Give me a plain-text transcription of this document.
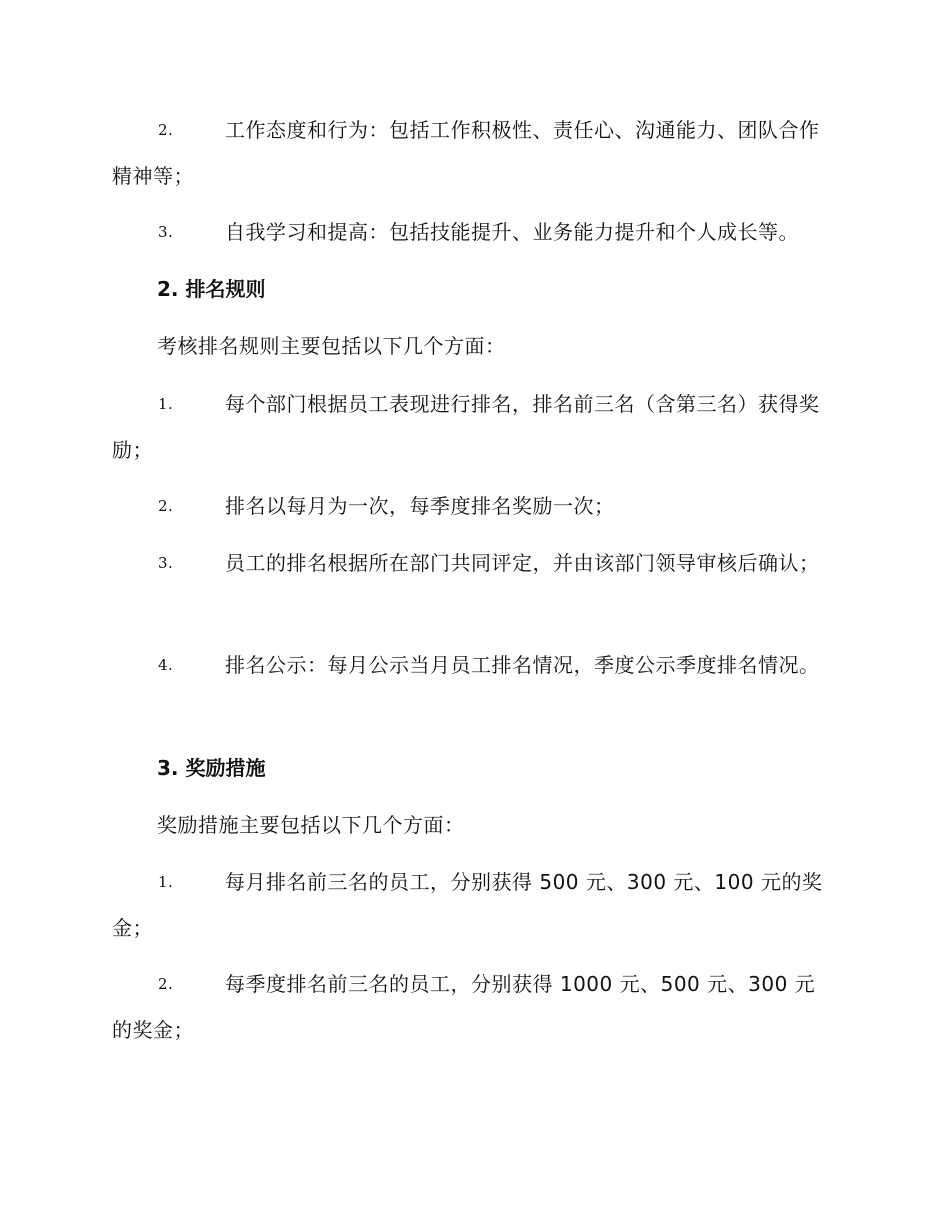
2.	工作态度和行为：包括工作积极性、责任心、沟通能力、团队合作精神等；
3.	自我学习和提高：包括技能提升、业务能力提升和个人成长等。
2. 排名规则
考核排名规则主要包括以下几个方面：
1.	每个部门根据员工表现进行排名，排名前三名（含第三名）获得奖励；
2.	排名以每月为一次，每季度排名奖励一次；
3.	员工的排名根据所在部门共同评定，并由该部门领导审核后确认；
4.	排名公示：每月公示当月员工排名情况，季度公示季度排名情况。
3. 奖励措施
奖励措施主要包括以下几个方面：
1.	每月排名前三名的员工，分别获得 500 元、300 元、100 元的奖金；
2.	每季度排名前三名的员工，分别获得 1000 元、500 元、300 元的奖金；
